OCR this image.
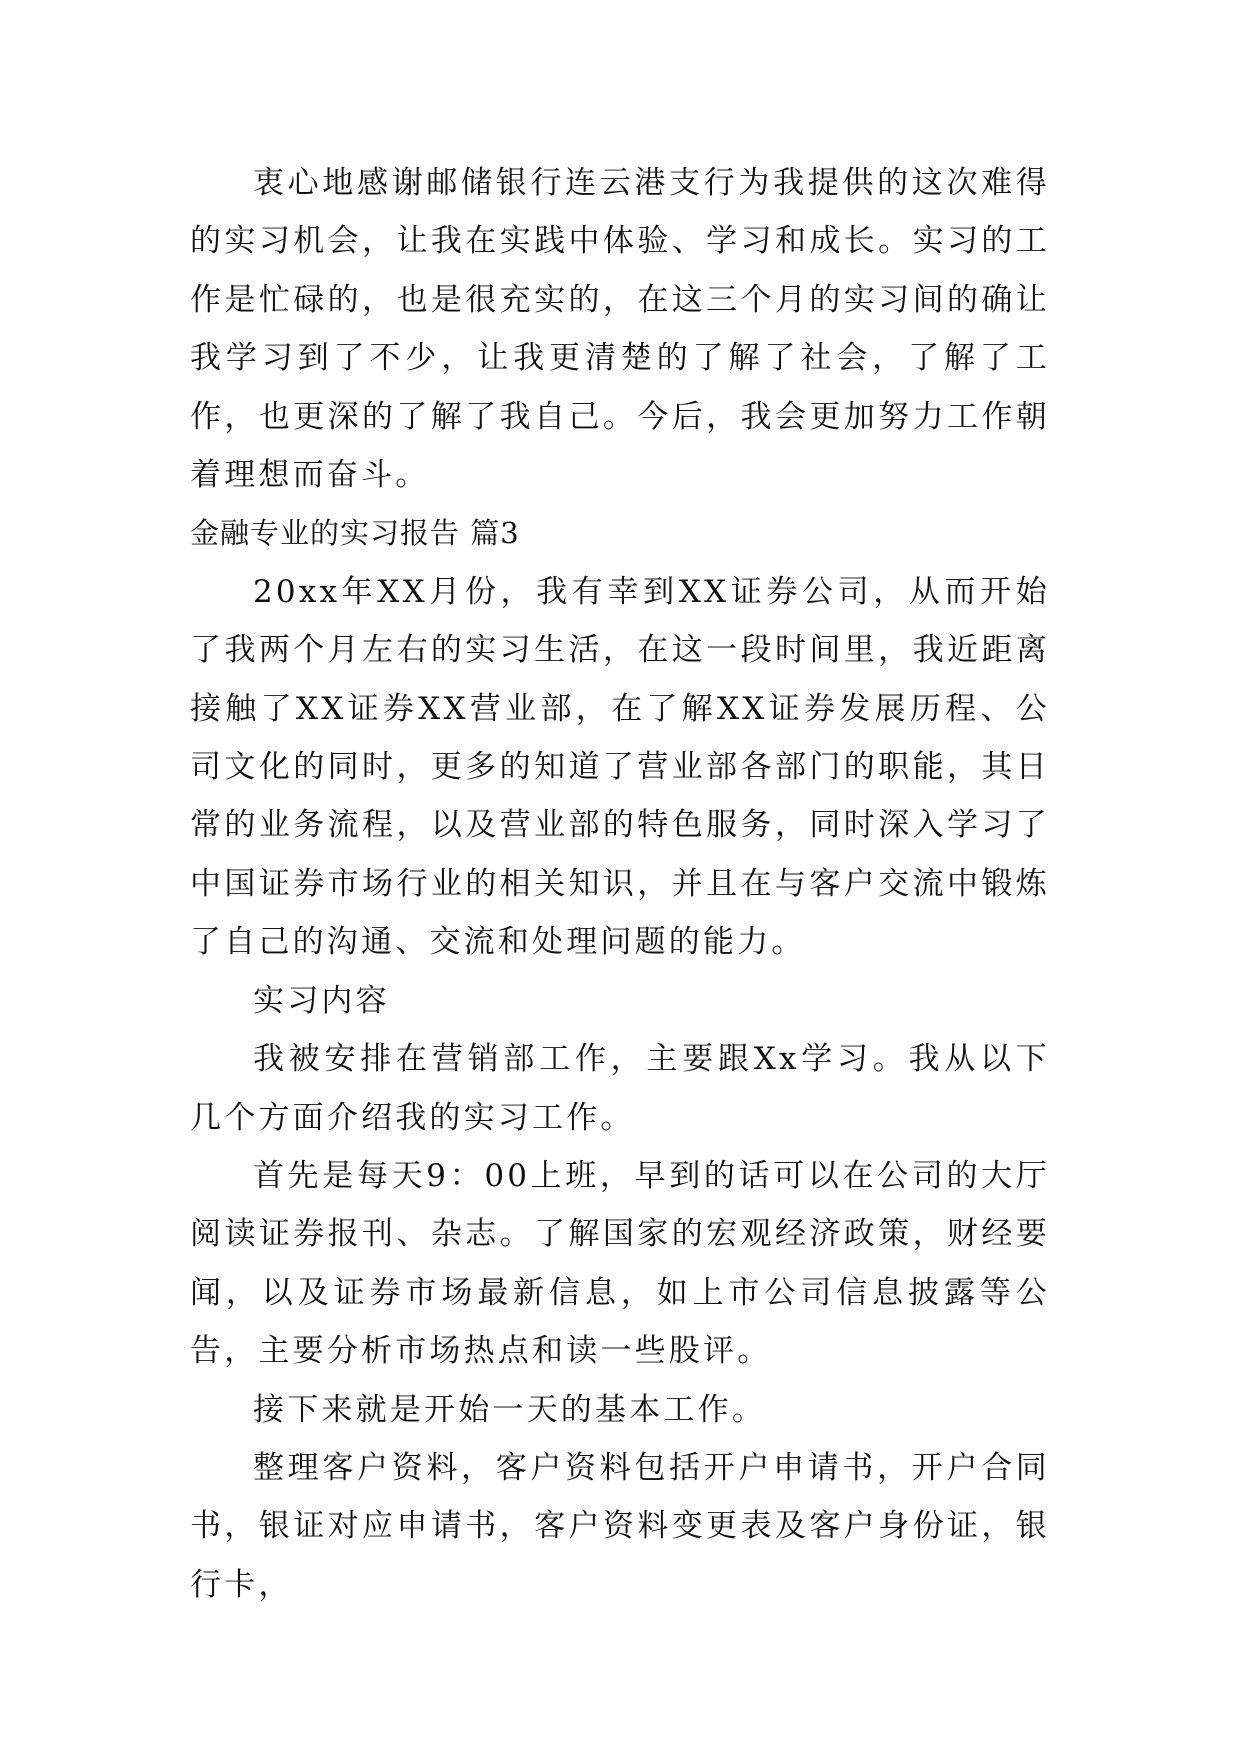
衷心地感谢邮储银行连云港支行为我提供的这次难得的实习机会，让我在实践中体验、学习和成长。实习的工作是忙碌的，也是很充实的，在这三个月的实习间的确让我学习到了不少，让我更清楚的了解了社会，了解了工作，也更深的了解了我自己。今后，我会更加努力工作朝着理想而奋斗。

金融专业的实习报告 篇3

20xx年XX月份，我有幸到XX证券公司，从而开始了我两个月左右的实习生活，在这一段时间里，我近距离接触了XX证券XX营业部，在了解XX证券发展历程、公司文化的同时，更多的知道了营业部各部门的职能，其日常的业务流程，以及营业部的特色服务，同时深入学习了中国证券市场行业的相关知识，并且在与客户交流中锻炼了自己的沟通、交流和处理问题的能力。

实习内容

我被安排在营销部工作，主要跟Xx学习。我从以下几个方面介绍我的实习工作。

首先是每天9：00上班，早到的话可以在公司的大厅阅读证券报刊、杂志。了解国家的宏观经济政策，财经要闻，以及证券市场最新信息，如上市公司信息披露等公告，主要分析市场热点和读一些股评。

接下来就是开始一天的基本工作。

整理客户资料，客户资料包括开户申请书，开户合同书，银证对应申请书，客户资料变更表及客户身份证，银行卡，
